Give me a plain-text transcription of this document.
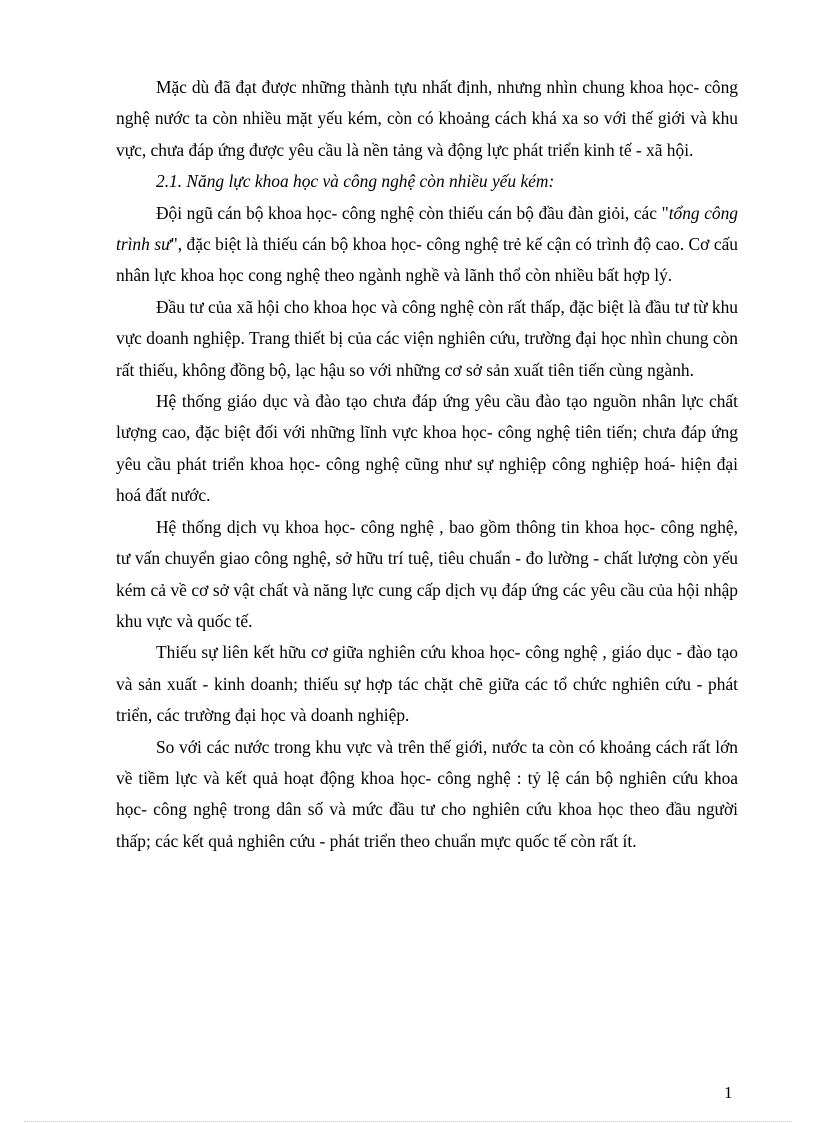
Mặc dù đã đạt được những thành tựu nhất định, nhưng nhìn chung khoa học- công nghệ nước ta còn nhiều mặt yếu kém, còn có khoảng cách khá xa so với thế giới và khu vực, chưa đáp ứng được yêu cầu là nền tảng và động lực phát triển kinh tế - xã hội.

2.1. Năng lực khoa học và công nghệ còn nhiều yếu kém:

Đội ngũ cán bộ khoa học- công nghệ còn thiếu cán bộ đầu đàn giỏi, các "tổng công trình sư", đặc biệt là thiếu cán bộ khoa học- công nghệ trẻ kế cận có trình độ cao. Cơ cấu nhân lực khoa học cong nghệ theo ngành nghề và lãnh thổ còn nhiều bất hợp lý.

Đầu tư của xã hội cho khoa học và công nghệ còn rất thấp, đặc biệt là đầu tư từ khu vực doanh nghiệp. Trang thiết bị của các viện nghiên cứu, trường đại học nhìn chung còn rất thiếu, không đồng bộ, lạc hậu so với những cơ sở sản xuất tiên tiến cùng ngành.

Hệ thống giáo dục và đào tạo chưa đáp ứng yêu cầu đào tạo nguồn nhân lực chất lượng cao, đặc biệt đối với những lĩnh vực khoa học- công nghệ tiên tiến; chưa đáp ứng yêu cầu phát triển khoa học- công nghệ cũng như sự nghiệp công nghiệp hoá- hiện đại hoá đất nước.

Hệ thống dịch vụ khoa học- công nghệ , bao gồm thông tin khoa học- công nghệ, tư vấn chuyển giao công nghệ, sở hữu trí tuệ, tiêu chuẩn - đo lường - chất lượng còn yếu kém cả về cơ sở vật chất và năng lực cung cấp dịch vụ đáp ứng các yêu cầu của hội nhập khu vực và quốc tế.

Thiếu sự liên kết hữu cơ giữa nghiên cứu khoa học- công nghệ , giáo dục - đào tạo và sản xuất - kinh doanh; thiếu sự hợp tác chặt chẽ giữa các tổ chức nghiên cứu - phát triển, các trường đại học và doanh nghiệp.

So với các nước trong khu vực và trên thế giới, nước ta còn có khoảng cách rất lớn về tiềm lực và kết quả hoạt động khoa học- công nghệ : tỷ lệ cán bộ nghiên cứu khoa học- công nghệ trong dân số và mức đầu tư cho nghiên cứu khoa học theo đầu người thấp; các kết quả nghiên cứu - phát triển theo chuẩn mực quốc tế còn rất ít.

1
